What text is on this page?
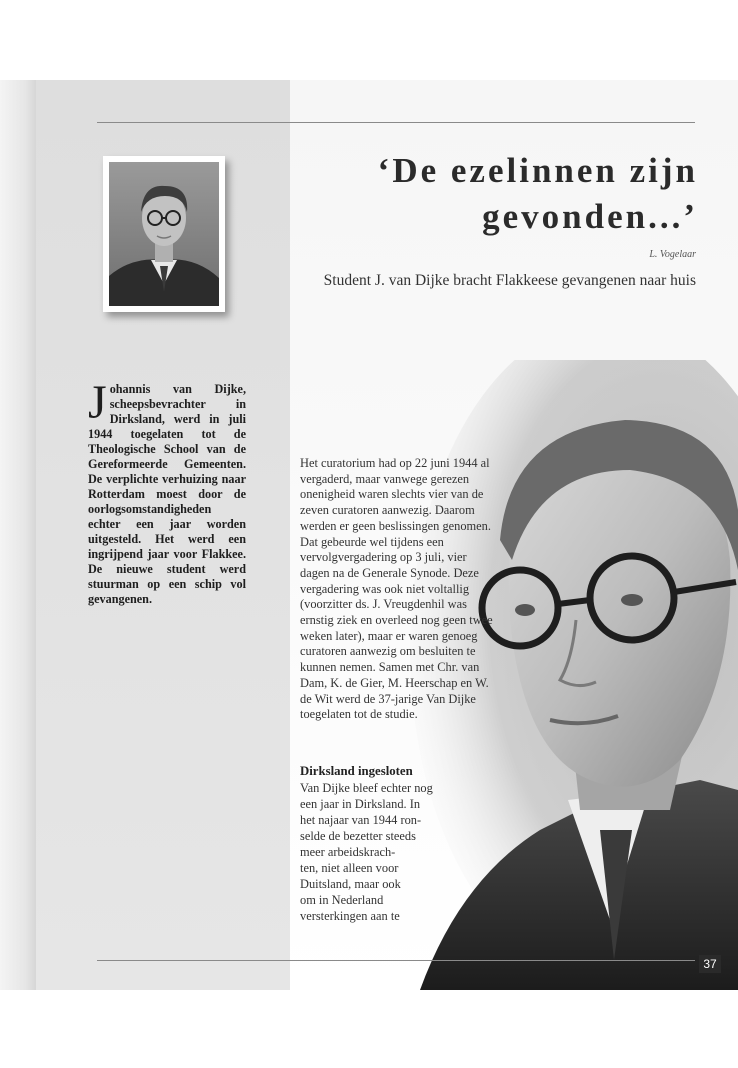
‘De ezelinnen zijn gevonden...’
L. Vogelaar
Student J. van Dijke bracht Flakkeese gevangenen naar huis

Johannis van Dijke, scheepsbevrachter in Dirksland, werd in juli 1944 toegelaten tot de Theologische School van de Gereformeerde Gemeenten. De verplichte verhuizing naar Rotterdam moest door de oorlogsomstandigheden echter een jaar worden uitgesteld. Het werd een ingrijpend jaar voor Flakkee. De nieuwe student werd stuurman op een schip vol gevangenen.

Het curatorium had op 22 juni 1944 al vergaderd, maar vanwege gerezen onenigheid waren slechts vier van de zeven curatoren aanwezig. Daarom werden er geen beslissingen genomen. Dat gebeurde wel tijdens een vervolgvergadering op 3 juli, vier dagen na de Generale Synode. Deze vergadering was ook niet voltallig (voorzitter ds. J. Vreugdenhil was ernstig ziek en overleed nog geen twee weken later), maar er waren genoeg curatoren aanwezig om besluiten te kunnen nemen. Samen met Chr. van Dam, K. de Gier, M. Heerschap en W. de Wit werd de 37-jarige Van Dijke toegelaten tot de studie.

Dirksland ingesloten

Van Dijke bleef echter nog

een jaar in Dirksland. In

het najaar van 1944 ron-

selde de bezetter steeds

meer arbeidskrach-

ten, niet alleen voor

Duitsland, maar ook

om in Nederland

versterkingen aan te

37
